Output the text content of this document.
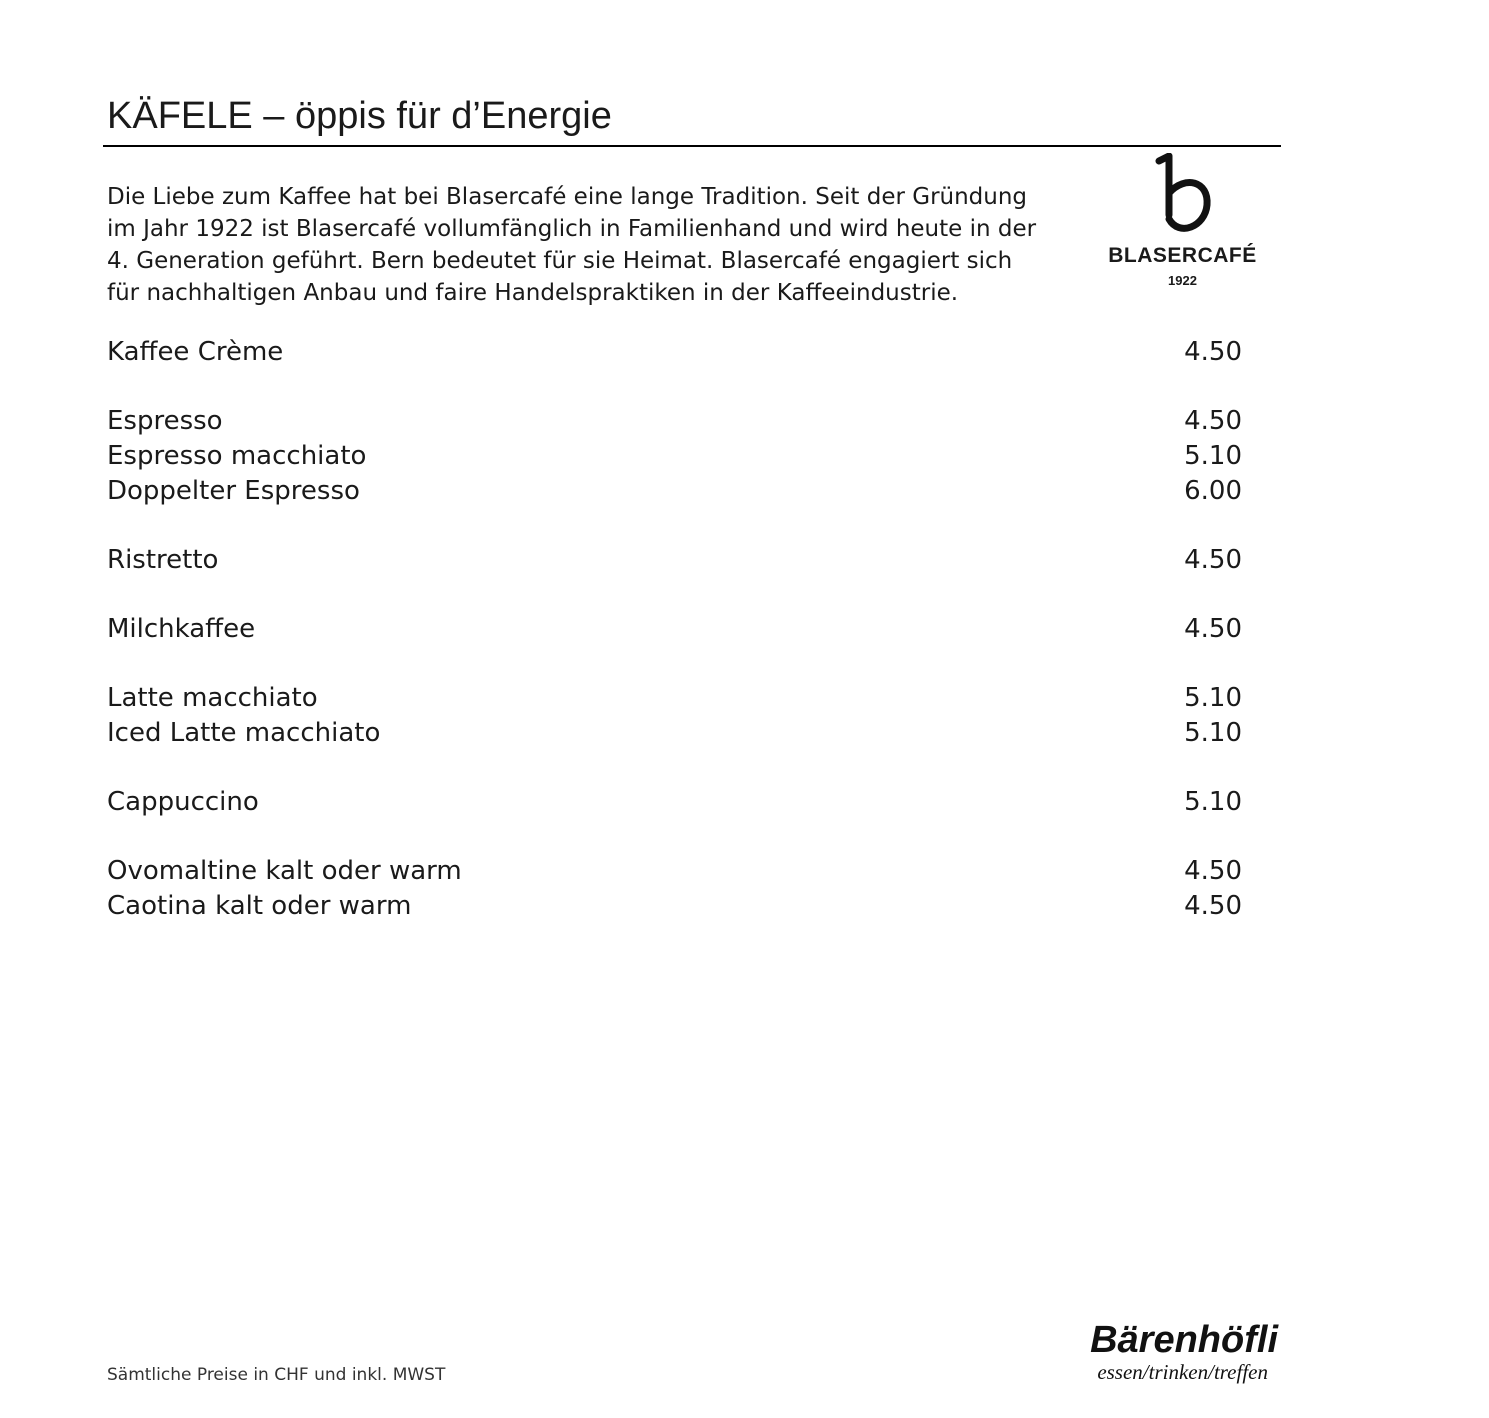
KÄFELE – öppis für d’Energie

Die Liebe zum Kaffee hat bei Blasercafé eine lange Tradition. Seit der Gründung
im Jahr 1922 ist Blasercafé vollumfänglich in Familienhand und wird heute in der
4. Generation geführt. Bern bedeutet für sie Heimat. Blasercafé engagiert sich
für nachhaltigen Anbau und faire Handelspraktiken in der Kaffeeindustrie.

BLASERCAFÉ
1922
Kaffee Crème	4.50
Espresso	4.50
Espresso macchiato	5.10
Doppelter Espresso	6.00
Ristretto	4.50
Milchkaffee	4.50
Latte macchiato	5.10
Iced Latte macchiato	5.10
Cappuccino	5.10
Ovomaltine kalt oder warm	4.50
Caotina kalt oder warm	4.50
Sämtliche Preise in CHF und inkl. MWST
Bärenhöfli
essen/trinken/treffen
